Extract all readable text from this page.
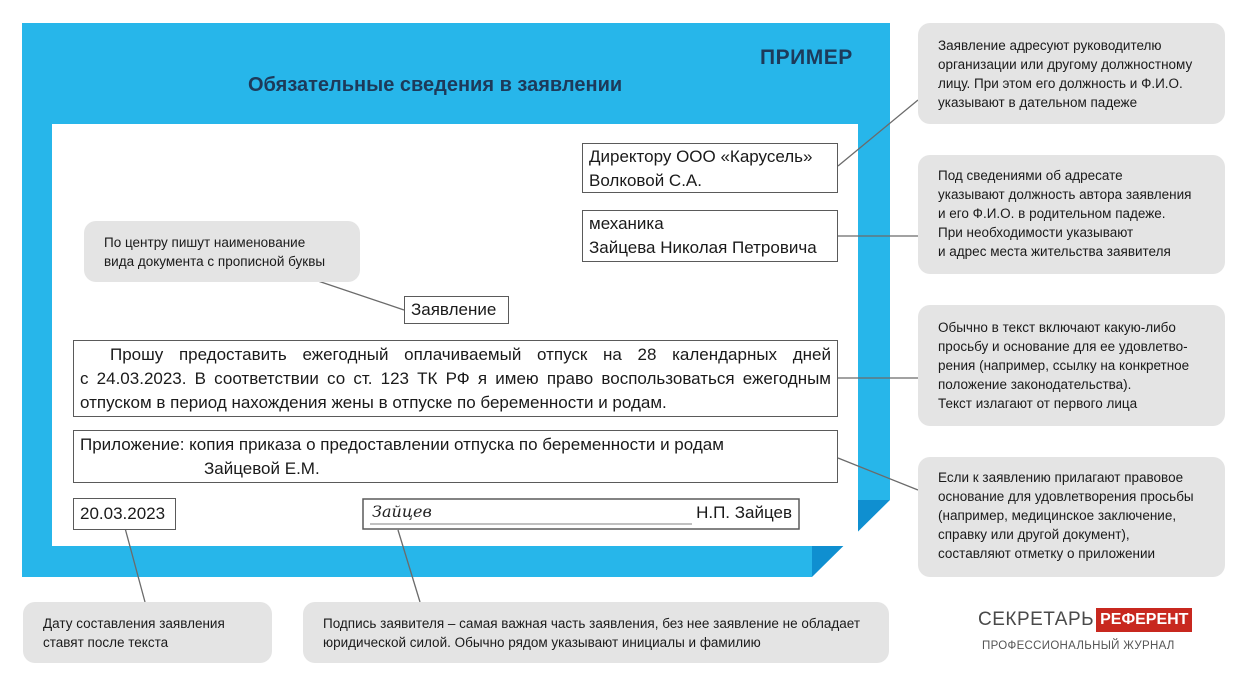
ПРИМЕР
Обязательные сведения в заявлении
Директору ООО «Карусель»
Волковой С.А.
механика
Зайцева Николая Петровича
Заявление
Прошу предоставить ежегодный оплачиваемый отпуск на 28 календарных дней
с 24.03.2023. В соответствии со ст. 123 ТК РФ я имею право воспользоваться ежегодным
отпуском в период нахождения жены в отпуске по беременности и родам.
Приложение: копия приказа о предоставлении отпуска по беременности и родам
Зайцевой Е.М.
20.03.2023	Зайцев	Н.П. Зайцев
Заявление адресуют руководителю
организации или другому должностному
лицу. При этом его должность и Ф.И.О.
указывают в дательном падеже
Под сведениями об адресате
указывают должность автора заявления
и его Ф.И.О. в родительном падеже.
При необходимости указывают
и адрес места жительства заявителя
Обычно в текст включают какую-либо
просьбу и основание для ее удовлетво-
рения (например, ссылку на конкретное
положение законодательства).
Текст излагают от первого лица
Если к заявлению прилагают правовое
основание для удовлетворения просьбы
(например, медицинское заключение,
справку или другой документ),
составляют отметку о приложении
По центру пишут наименование
вида документа с прописной буквы
Дату составления заявления
ставят после текста
Подпись заявителя – самая важная часть заявления, без нее заявление не обладает
юридической силой. Обычно рядом указывают инициалы и фамилию
СЕКРЕТАРЬ РЕФЕРЕНТ
ПРОФЕССИОНАЛЬНЫЙ ЖУРНАЛ
